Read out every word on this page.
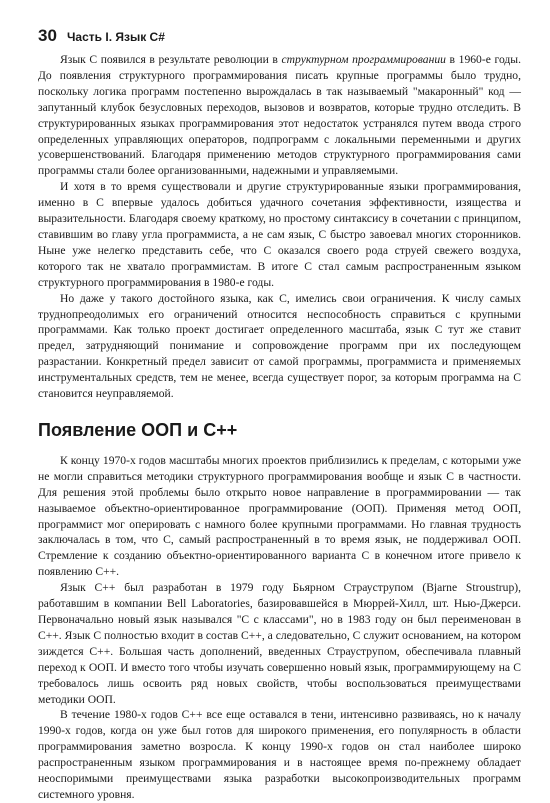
30 Часть I. Язык C#

Язык С появился в результате революции в структурном программировании в 1960-е годы. До появления структурного программирования писать крупные программы было трудно, поскольку логика программ постепенно вырождалась в так называемый "макаронный" код — запутанный клубок безусловных переходов, вызовов и возвратов, которые трудно отследить. В структурированных языках программирования этот недостаток устранялся путем ввода строго определенных управляющих операторов, подпрограмм с локальными переменными и других усовершенствований. Благодаря применению методов структурного программирования сами программы стали более организованными, надежными и управляемыми.

И хотя в то время существовали и другие структурированные языки программирования, именно в С впервые удалось добиться удачного сочетания эффективности, изящества и выразительности. Благодаря своему краткому, но простому синтаксису в сочетании с принципом, ставившим во главу угла программиста, а не сам язык, С быстро завоевал многих сторонников. Ныне уже нелегко представить себе, что С оказался своего рода струей свежего воздуха, которого так не хватало программистам. В итоге С стал самым распространенным языком структурного программирования в 1980-е годы.

Но даже у такого достойного языка, как С, имелись свои ограничения. К числу самых труднопреодолимых его ограничений относится неспособность справиться с крупными программами. Как только проект достигает определенного масштаба, язык С тут же ставит предел, затрудняющий понимание и сопровождение программ при их последующем разрастании. Конкретный предел зависит от самой программы, программиста и применяемых инструментальных средств, тем не менее, всегда существует порог, за которым программа на С становится неуправляемой.

Появление ООП и С++

К концу 1970-х годов масштабы многих проектов приблизились к пределам, с которыми уже не могли справиться методики структурного программирования вообще и язык С в частности. Для решения этой проблемы было открыто новое направление в программировании — так называемое объектно-ориентированное программирование (ООП). Применяя метод ООП, программист мог оперировать с намного более крупными программами. Но главная трудность заключалась в том, что С, самый распространенный в то время язык, не поддерживал ООП. Стремление к созданию объектно-ориентированного варианта С в конечном итоге привело к появлению С++.

Язык С++ был разработан в 1979 году Бьярном Страуструпом (Bjarne Stroustrup), работавшим в компании Bell Laboratories, базировавшейся в Мюррей-Хилл, шт. Нью-Джерси. Первоначально новый язык назывался "С с классами", но в 1983 году он был переименован в С++. Язык С полностью входит в состав С++, а следовательно, С служит основанием, на котором зиждется С++. Большая часть дополнений, введенных Страуструпом, обеспечивала плавный переход к ООП. И вместо того чтобы изучать совершенно новый язык, программирующему на С требовалось лишь освоить ряд новых свойств, чтобы воспользоваться преимуществами методики ООП.

В течение 1980-х годов С++ все еще оставался в тени, интенсивно развиваясь, но к началу 1990-х годов, когда он уже был готов для широкого применения, его популярность в области программирования заметно возросла. К концу 1990-х годов он стал наиболее широко распространенным языком программирования и в настоящее время по-прежнему обладает неоспоримыми преимуществами языка разработки высокопроизводительных программ системного уровня.
